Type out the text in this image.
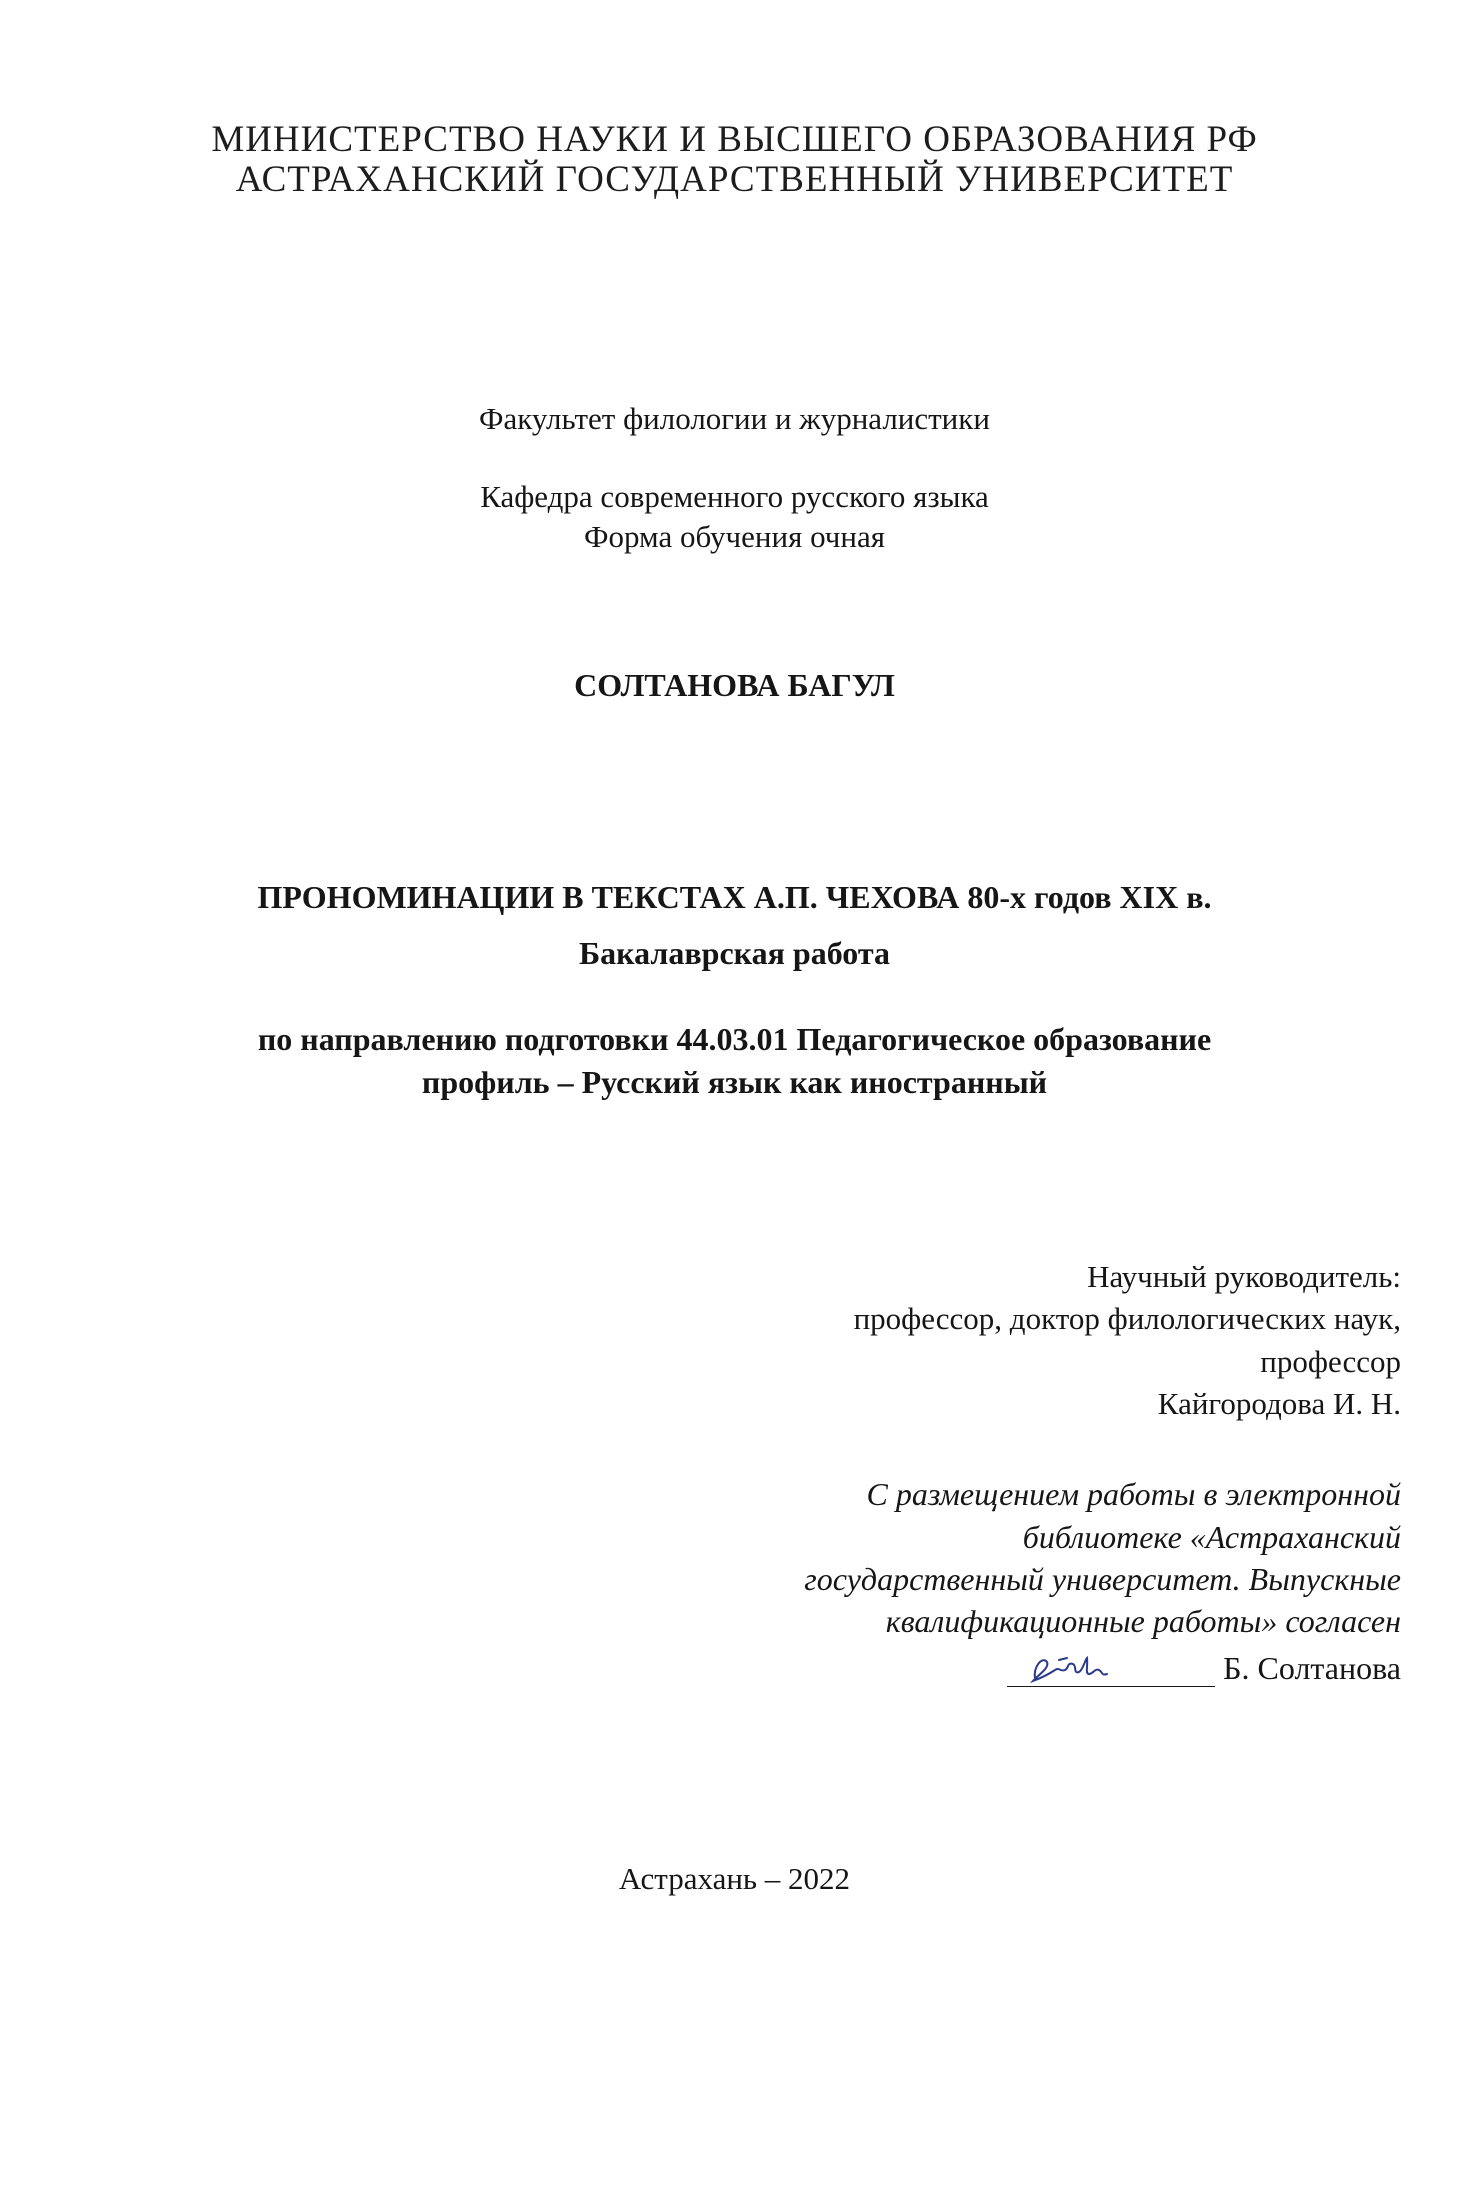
МИНИСТЕРСТВО НАУКИ И ВЫСШЕГО ОБРАЗОВАНИЯ РФ
АСТРАХАНСКИЙ ГОСУДАРСТВЕННЫЙ УНИВЕРСИТЕТ
Факультет филологии и журналистики
Кафедра современного русского языка
Форма обучения очная
СОЛТАНОВА БАГУЛ
ПРОНОМИНАЦИИ В ТЕКСТАХ А.П. ЧЕХОВА 80-х годов XIX в.
Бакалаврская работа
по направлению подготовки 44.03.01 Педагогическое образование
профиль – Русский язык как иностранный
Научный руководитель:
профессор, доктор филологических наук,
профессор
Кайгородова И. Н.
С размещением работы в электронной
библиотеке «Астраханский
государственный университет. Выпускные
квалификационные работы» согласен
Б. Солтанова
Астрахань – 2022
